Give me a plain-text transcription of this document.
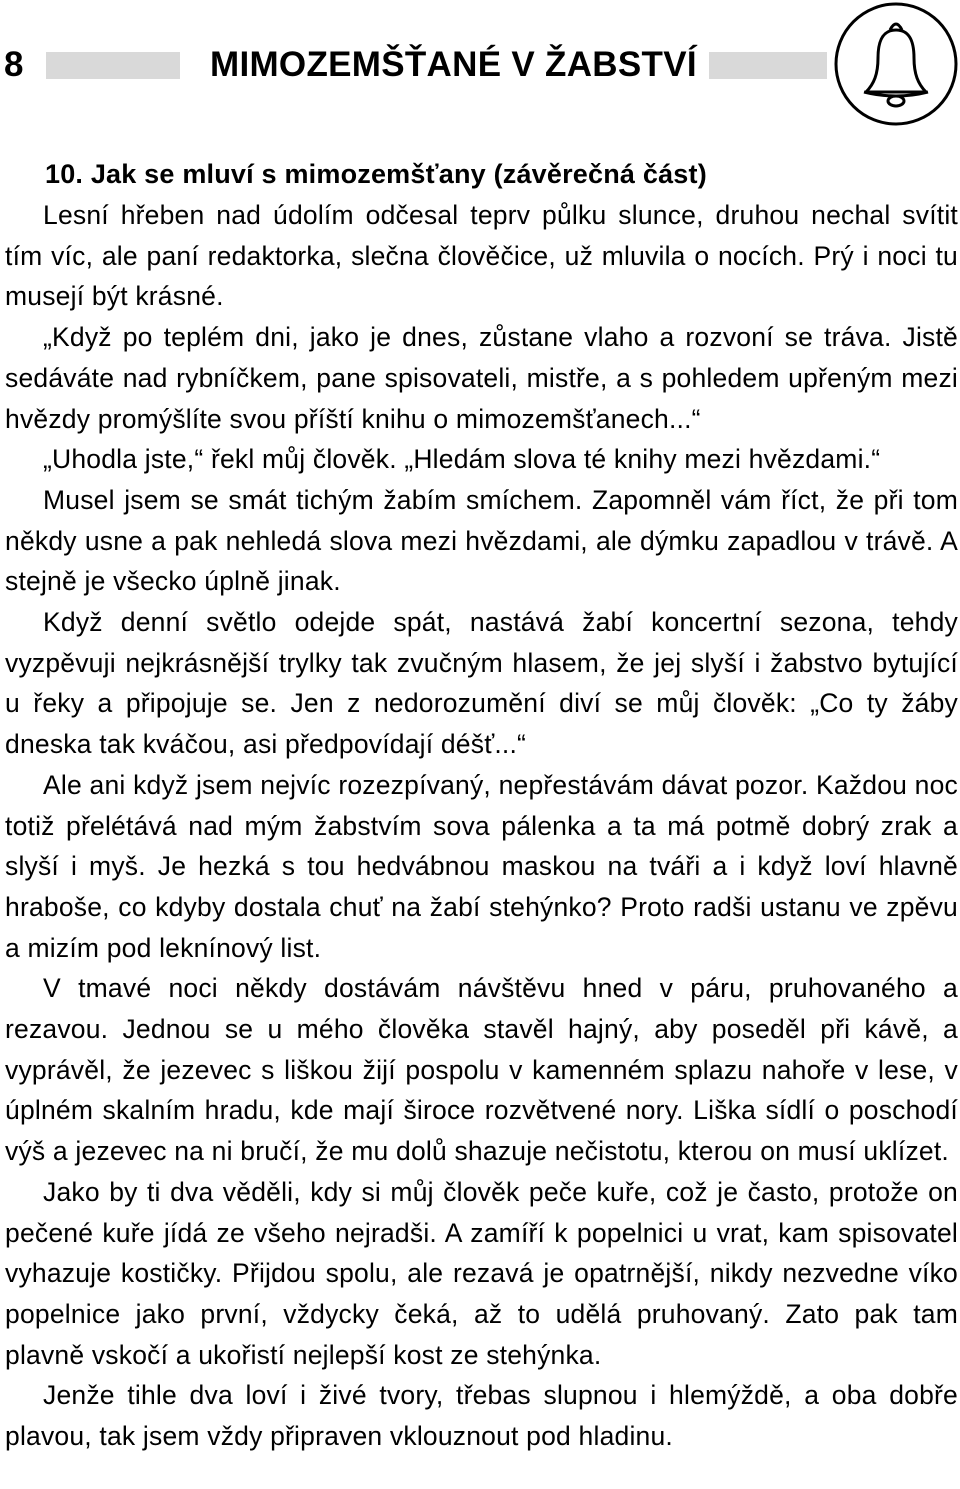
8	MIMOZEMŠŤANÉ V ŽABSTVÍ
10. Jak se mluví s mimozemšťany (závěrečná část)

Lesní hřeben nad údolím odčesal teprv půlku slunce, druhou nechal svítit tím víc, ale paní redaktorka, slečna člověčice, už mluvila o nocích. Prý i noci tu musejí být krásné.

„Když po teplém dni, jako je dnes, zůstane vlaho a rozvoní se tráva. Jistě sedáváte nad rybníčkem, pane spisovateli, mistře, a s pohledem upřeným mezi hvězdy promýšlíte svou příští knihu o mimozemšťanech...“

„Uhodla jste,“ řekl můj člověk. „Hledám slova té knihy mezi hvězdami.“

Musel jsem se smát tichým žabím smíchem. Zapomněl vám říct, že při tom někdy usne a pak nehledá slova mezi hvězdami, ale dýmku zapadlou v trávě. A stejně je všecko úplně jinak.

Když denní světlo odejde spát, nastává žabí koncertní sezona, tehdy vyzpěvuji nejkrásnější trylky tak zvučným hlasem, že jej slyší i žabstvo bytující u řeky a připojuje se. Jen z nedorozumění diví se můj člověk: „Co ty žáby dneska tak kváčou, asi předpovídají déšť...“

Ale ani když jsem nejvíc rozezpívaný, nepřestávám dávat pozor. Každou noc totiž přelétává nad mým žabstvím sova pálenka a ta má potmě dobrý zrak a slyší i myš. Je hezká s tou hedvábnou maskou na tváři a i když loví hlavně hraboše, co kdyby dostala chuť na žabí stehýnko? Proto radši ustanu ve zpěvu a mizím pod leknínový list.

V tmavé noci někdy dostávám návštěvu hned v páru, pruhovaného a rezavou. Jednou se u mého člověka stavěl hajný, aby poseděl při kávě, a vyprávěl, že jezevec s liškou žijí pospolu v kamenném splazu nahoře v lese, v úplném skalním hradu, kde mají široce rozvětvené nory. Liška sídlí o poschodí výš a jezevec na ni bručí, že mu dolů shazuje nečistotu, kterou on musí uklízet.

Jako by ti dva věděli, kdy si můj člověk peče kuře, což je často, protože on pečené kuře jídá ze všeho nejradši. A zamíří k popelnici u vrat, kam spisovatel vyhazuje kostičky. Přijdou spolu, ale rezavá je opatrnější, nikdy nezvedne víko popelnice jako první, vždycky čeká, až to udělá pruhovaný. Zato pak tam plavně vskočí a ukořistí nejlepší kost ze stehýnka.

Jenže tihle dva loví i živé tvory, třebas slupnou i hlemýždě, a oba dobře plavou, tak jsem vždy připraven vklouznout pod hladinu.
